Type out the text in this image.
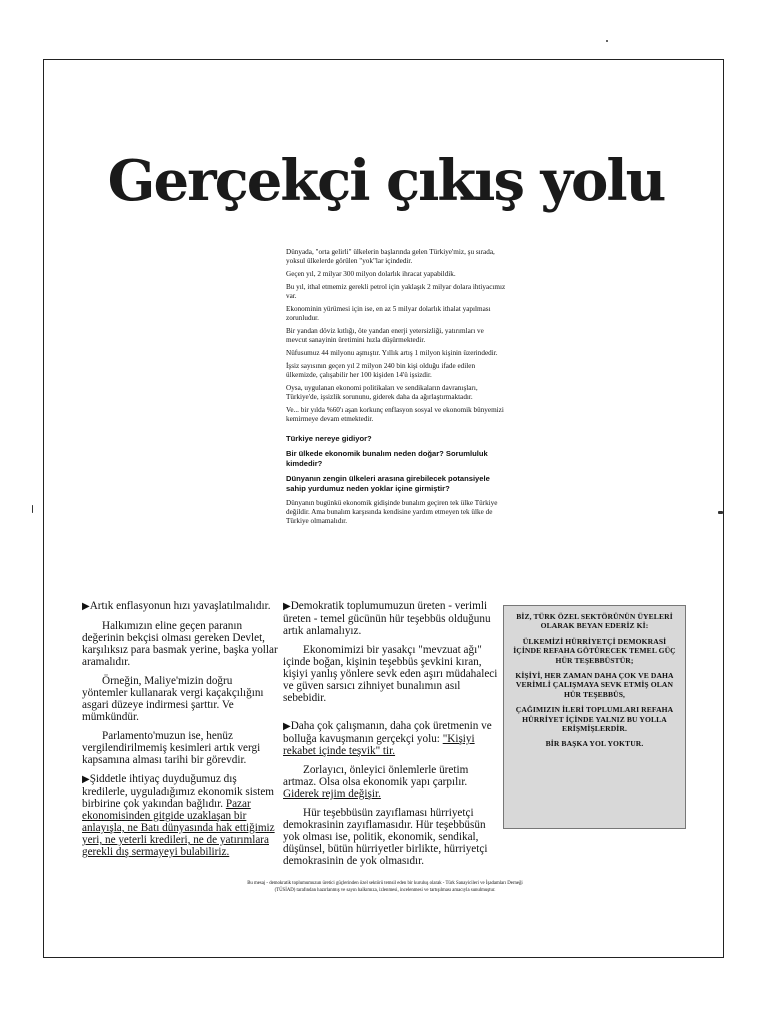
Gerçekçi çıkış yolu

Dünyada, "orta gelirli" ülkelerin başlarında gelen Türkiye'miz, şu sırada, yoksul ülkelerde görülen "yok"lar içindedir.

Geçen yıl, 2 milyar 300 milyon dolarlık ihracat yapabildik.

Bu yıl, ithal etmemiz gerekli petrol için yaklaşık 2 milyar dolara ihtiyacımız var.

Ekonominin yürümesi için ise, en az 5 milyar dolarlık ithalat yapılması zorunludur.

Bir yandan döviz kıtlığı, öte yandan enerji yetersizliği, yatırımları ve mevcut sanayinin üretimini hızla düşürmektedir.

Nüfusumuz 44 milyonu aşmıştır. Yıllık artış 1 milyon kişinin üzerindedir.

İşsiz sayısının geçen yıl 2 milyon 240 bin kişi olduğu ifade edilen ülkemizde, çalışabilir her 100 kişiden 14'ü işsizdir.

Oysa, uygulanan ekonomi politikaları ve sendikaların davranışları, Türkiye'de, işsizlik sorununu, giderek daha da ağırlaştırmaktadır.

Ve... bir yılda %60'ı aşan korkunç enflasyon sosyal ve ekonomik bünyemizi kemirmeye devam etmektedir.

Türkiye nereye gidiyor?

Bir ülkede ekonomik bunalım neden doğar? Sorumluluk kimdedir?

Dünyanın zengin ülkeleri arasına girebilecek potansiyele sahip yurdumuz neden yoklar içine girmiştir?

Dünyanın bugünkü ekonomik gidişinde bunalım geçiren tek ülke Türkiye değildir. Ama bunalım karşısında kendisine yardım etmeyen tek ülke de Türkiye olmamalıdır.

▶Artık enflasyonun hızı yavaşlatılmalıdır.

Halkımızın eline geçen paranın değerinin bekçisi olması gereken Devlet, karşılıksız para basmak yerine, başka yollar aramalıdır.

Örneğin, Maliye'mizin doğru yöntemler kullanarak vergi kaçakçılığını asgari düzeye indirmesi şarttır. Ve mümkündür.

Parlamento'muzun ise, henüz vergilendirilmemiş kesimleri artık vergi kapsamına alması tarihi bir görevdir.

▶Şiddetle ihtiyaç duyduğumuz dış kredilerle, uyguladığımız ekonomik sistem birbirine çok yakından bağlıdır. Pazar ekonomisinden gitgide uzaklaşan bir anlayışla, ne Batı dünyasında hak ettiğimiz yeri, ne yeterli kredileri, ne de yatırımlara gerekli dış sermayeyi bulabiliriz.

▶Demokratik toplumumuzun üreten - verimli üreten - temel gücünün hür teşebbüs olduğunu artık anlamalıyız.

Ekonomimizi bir yasakçı "mevzuat ağı" içinde boğan, kişinin teşebbüs şevkini kıran, kişiyi yanlış yönlere sevk eden aşırı müdahaleci ve güven sarsıcı zihniyet bunalımın asıl sebebidir.

▶Daha çok çalışmanın, daha çok üretmenin ve bolluğa kavuşmanın gerçekçi yolu: "Kişiyi rekabet içinde teşvik" tir.

Zorlayıcı, önleyici önlemlerle üretim artmaz. Olsa olsa ekonomik yapı çarpılır. Giderek rejim değişir.

Hür teşebbüsün zayıflaması hürriyetçi demokrasinin zayıflamasıdır. Hür teşebbüsün yok olması ise, politik, ekonomik, sendikal, düşünsel, bütün hürriyetler birlikte, hürriyetçi demokrasinin de yok olmasıdır.

BİZ, TÜRK ÖZEL SEKTÖRÜNÜN ÜYELERİ OLARAK BEYAN EDERİZ Kİ:

ÜLKEMİZİ HÜRRİYETÇİ DEMOKRASİ İÇİNDE REFAHA GÖTÜRECEK TEMEL GÜÇ HÜR TEŞEBBÜSTÜR;

KİŞİYİ, HER ZAMAN DAHA ÇOK VE DAHA VERİMLİ ÇALIŞMAYA SEVK ETMİŞ OLAN HÜR TEŞEBBÜS,

ÇAĞIMIZIN İLERİ TOPLUMLARI REFAHA HÜRRİYET İÇİNDE YALNIZ BU YOLLA ERİŞMİŞLERDİR.

BİR BAŞKA YOL YOKTUR.

Bu mesaj - demokratik toplumumuzun üretici güçlerinden özel sektörü temsil eden bir kuruluş olarak - Türk Sanayicileri ve İşadamları Derneği (TÜSİAD) tarafından hazırlanmış ve sayın halkımıza, izlenmesi, incelenmesi ve tartışılması amacıyla sunulmuştur.
